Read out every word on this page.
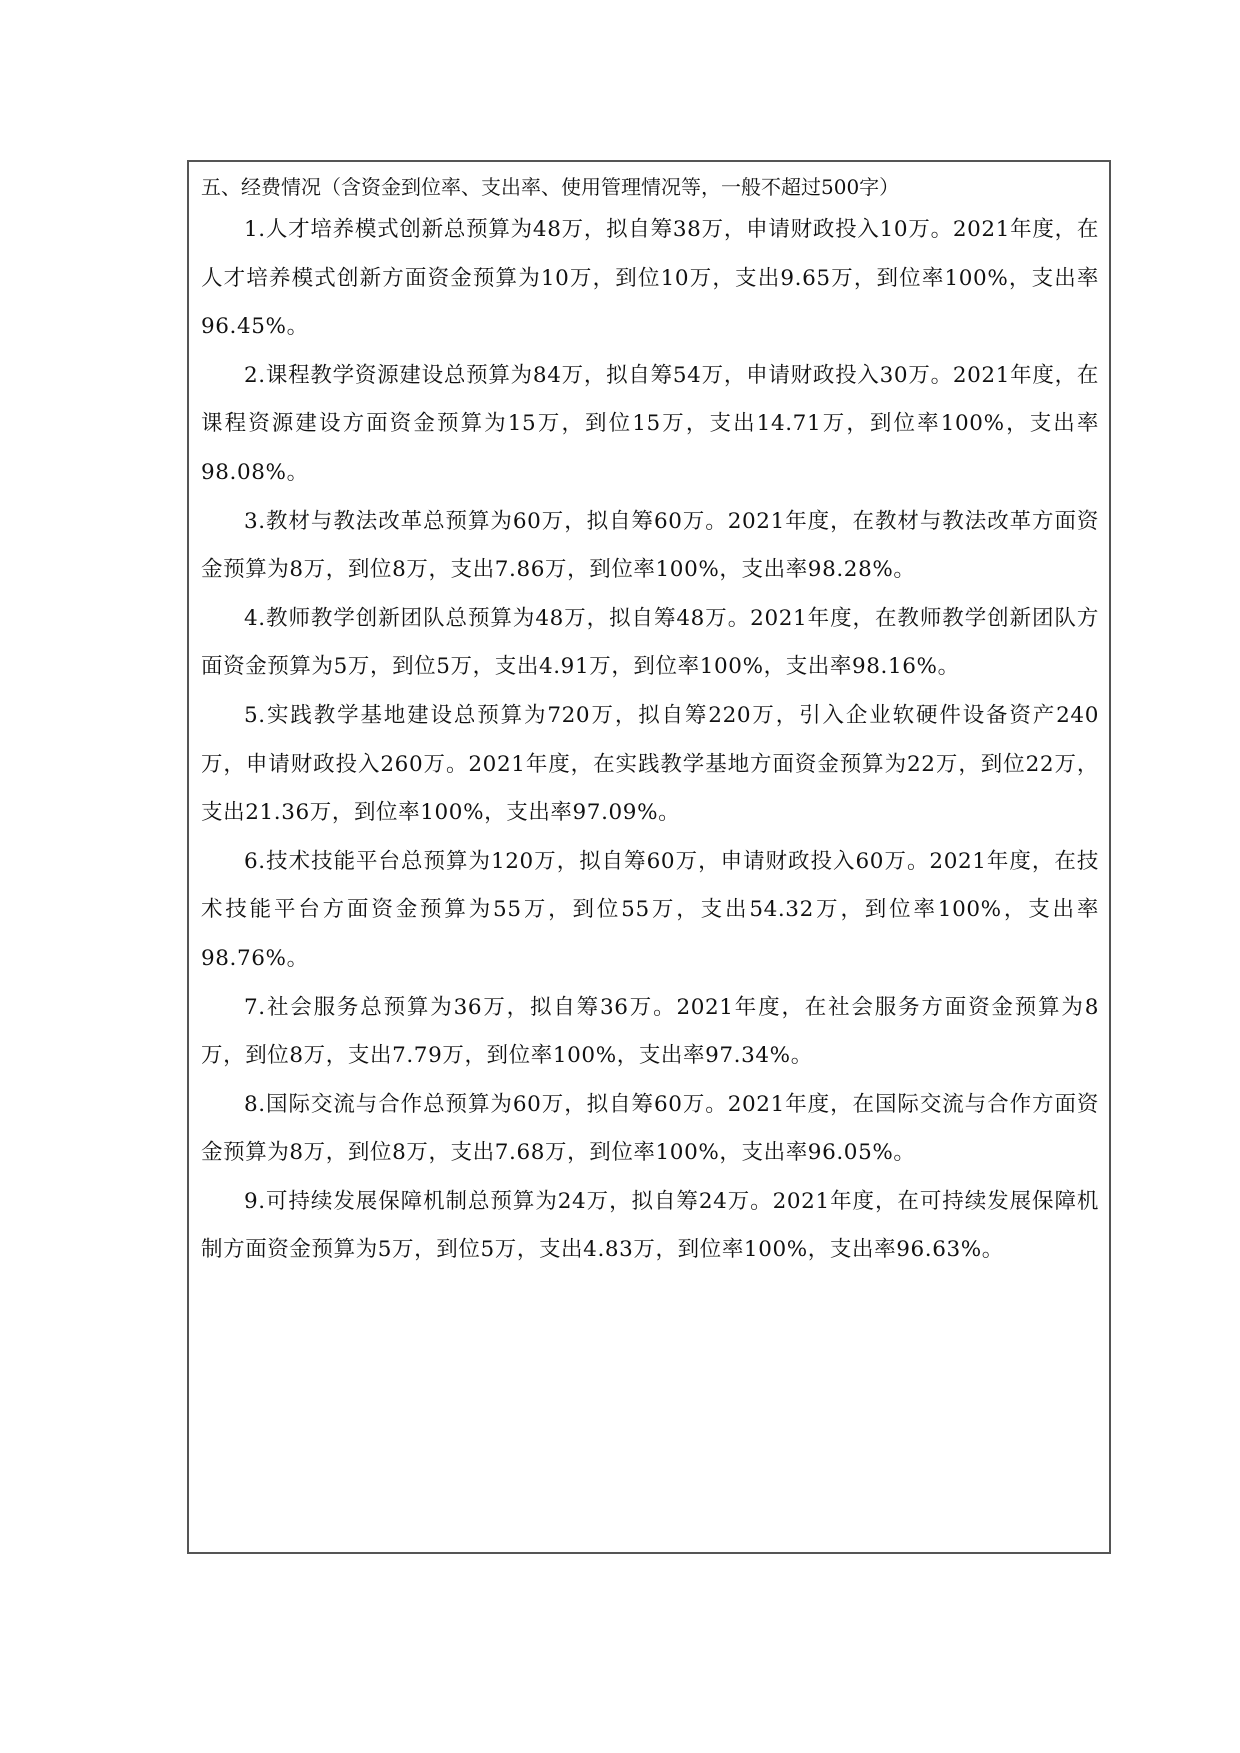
五、经费情况（含资金到位率、支出率、使用管理情况等，一般不超过500字）

1.人才培养模式创新总预算为48万，拟自筹38万，申请财政投入10万。2021年度，在人才培养模式创新方面资金预算为10万，到位10万，支出9.65万，到位率100%，支出率96.45%。

2.课程教学资源建设总预算为84万，拟自筹54万，申请财政投入30万。2021年度，在课程资源建设方面资金预算为15万，到位15万，支出14.71万，到位率100%，支出率98.08%。

3.教材与教法改革总预算为60万，拟自筹60万。2021年度，在教材与教法改革方面资金预算为8万，到位8万，支出7.86万，到位率100%，支出率98.28%。

4.教师教学创新团队总预算为48万，拟自筹48万。2021年度，在教师教学创新团队方面资金预算为5万，到位5万，支出4.91万，到位率100%，支出率98.16%。

5.实践教学基地建设总预算为720万，拟自筹220万，引入企业软硬件设备资产240万，申请财政投入260万。2021年度，在实践教学基地方面资金预算为22万，到位22万，支出21.36万，到位率100%，支出率97.09%。

6.技术技能平台总预算为120万，拟自筹60万，申请财政投入60万。2021年度，在技术技能平台方面资金预算为55万，到位55万，支出54.32万，到位率100%，支出率98.76%。

7.社会服务总预算为36万，拟自筹36万。2021年度，在社会服务方面资金预算为8万，到位8万，支出7.79万，到位率100%，支出率97.34%。

8.国际交流与合作总预算为60万，拟自筹60万。2021年度，在国际交流与合作方面资金预算为8万，到位8万，支出7.68万，到位率100%，支出率96.05%。

9.可持续发展保障机制总预算为24万，拟自筹24万。2021年度，在可持续发展保障机制方面资金预算为5万，到位5万，支出4.83万，到位率100%，支出率96.63%。
